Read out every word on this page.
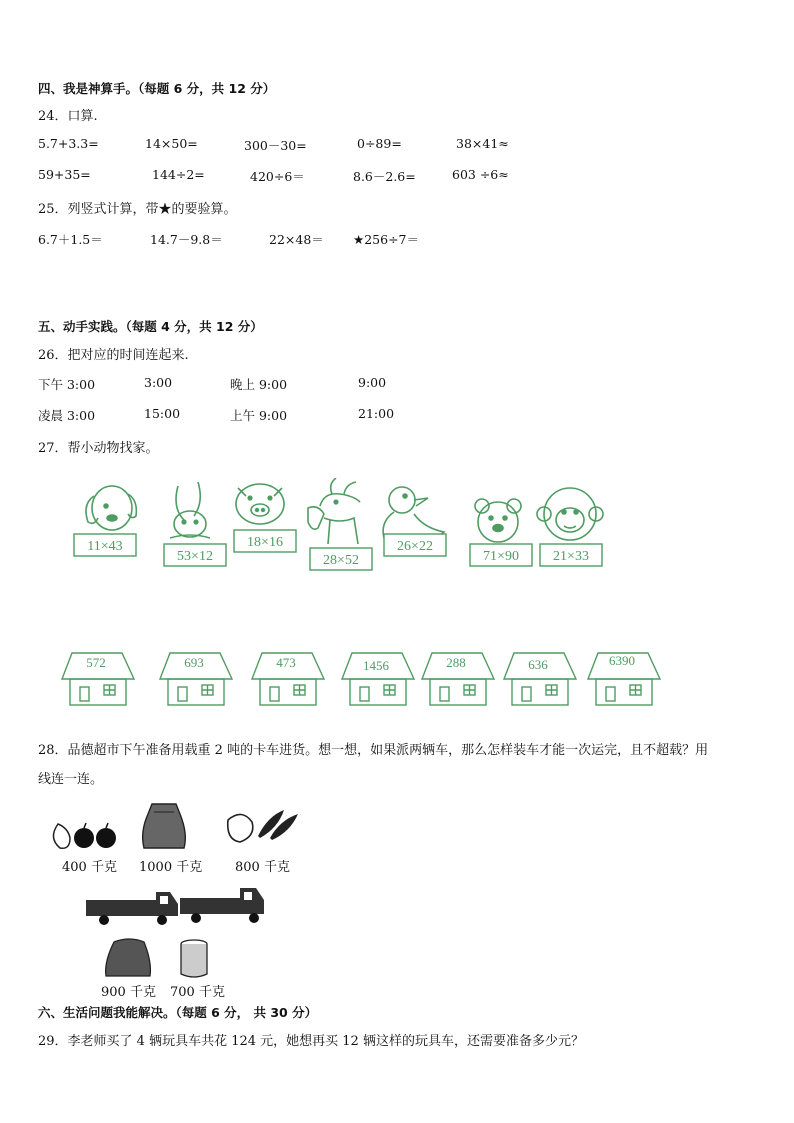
四、我是神算手。（每题 6 分，共 12 分）
24．口算.
5.7+3.3=	14×50=	300－30=	0÷89=	38×41≈
59+35=	144÷2=	420÷6＝	8.6－2.6=	603 ÷6≈
25．列竖式计算，带★的要验算。
6.7＋1.5＝	14.7－9.8＝	22×48＝ ★256÷7＝
五、动手实践。（每题 4 分，共 12 分）
26．把对应的时间连起来.
下午 3:00	3:00	晚上 9:00	9:00
凌晨 3:00	15:00	上午 9:00	21:00
27．帮小动物找家。
11×43
53×12
18×16
28×52
26×22
71×90 21×33
572	693	473	1456	288	636	6390
28．品德超市下午准备用载重 2 吨的卡车进货。想一想，如果派两辆车，那么怎样装车才能一次运完，且不超载？用
线连一连。
400 千克 1000 千克	800 千克
900 千克 700 千克
六、生活问题我能解决。（每题 6 分， 共 30 分）
29．李老师买了 4 辆玩具车共花 124 元，她想再买 12 辆这样的玩具车，还需要准备多少元？
